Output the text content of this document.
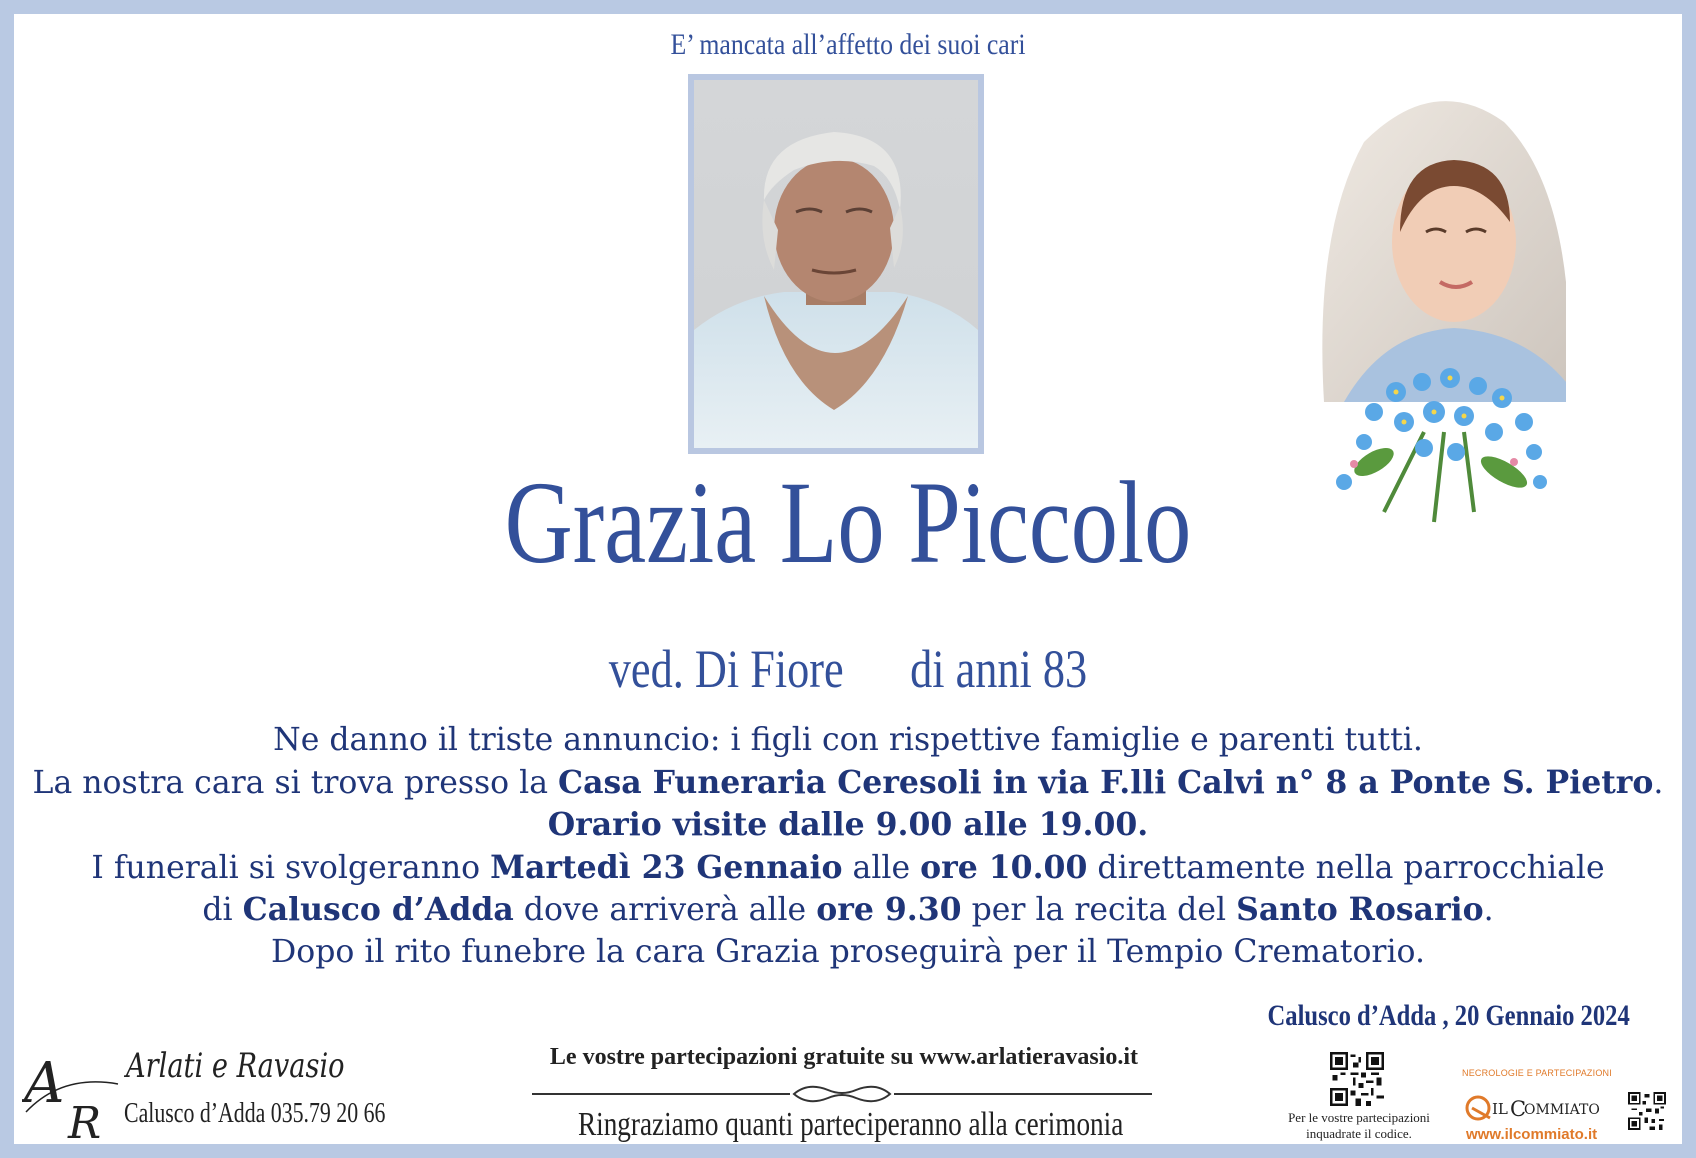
E’ mancata all’affetto dei suoi cari
Grazia Lo Piccolo
ved. Di Fiore di anni 83
Ne danno il triste annuncio: i figli con rispettive famiglie e parenti tutti.
La nostra cara si trova presso la Casa Funeraria Ceresoli in via F.lli Calvi n° 8 a Ponte S. Pietro.
Orario visite dalle 9.00 alle 19.00.
I funerali si svolgeranno Martedì 23 Gennaio alle ore 10.00 direttamente nella parrocchiale
di Calusco d’Adda dove arriverà alle ore 9.30 per la recita del Santo Rosario.
Dopo il rito funebre la cara Grazia proseguirà per il Tempio Crematorio.
Calusco d’Adda , 20 Gennaio 2024
A
R
Arlati e Ravasio
Calusco d’Adda 035.79 20 66
Le vostre partecipazioni gratuite su www.arlatieravasio.it
Ringraziamo quanti parteciperanno alla cerimonia	Per le vostre partecipazioni
inquadrate il codice.
NECROLOGIE E PARTECIPAZIONI
IL C
OMMIATO
www.ilcommiato.it
